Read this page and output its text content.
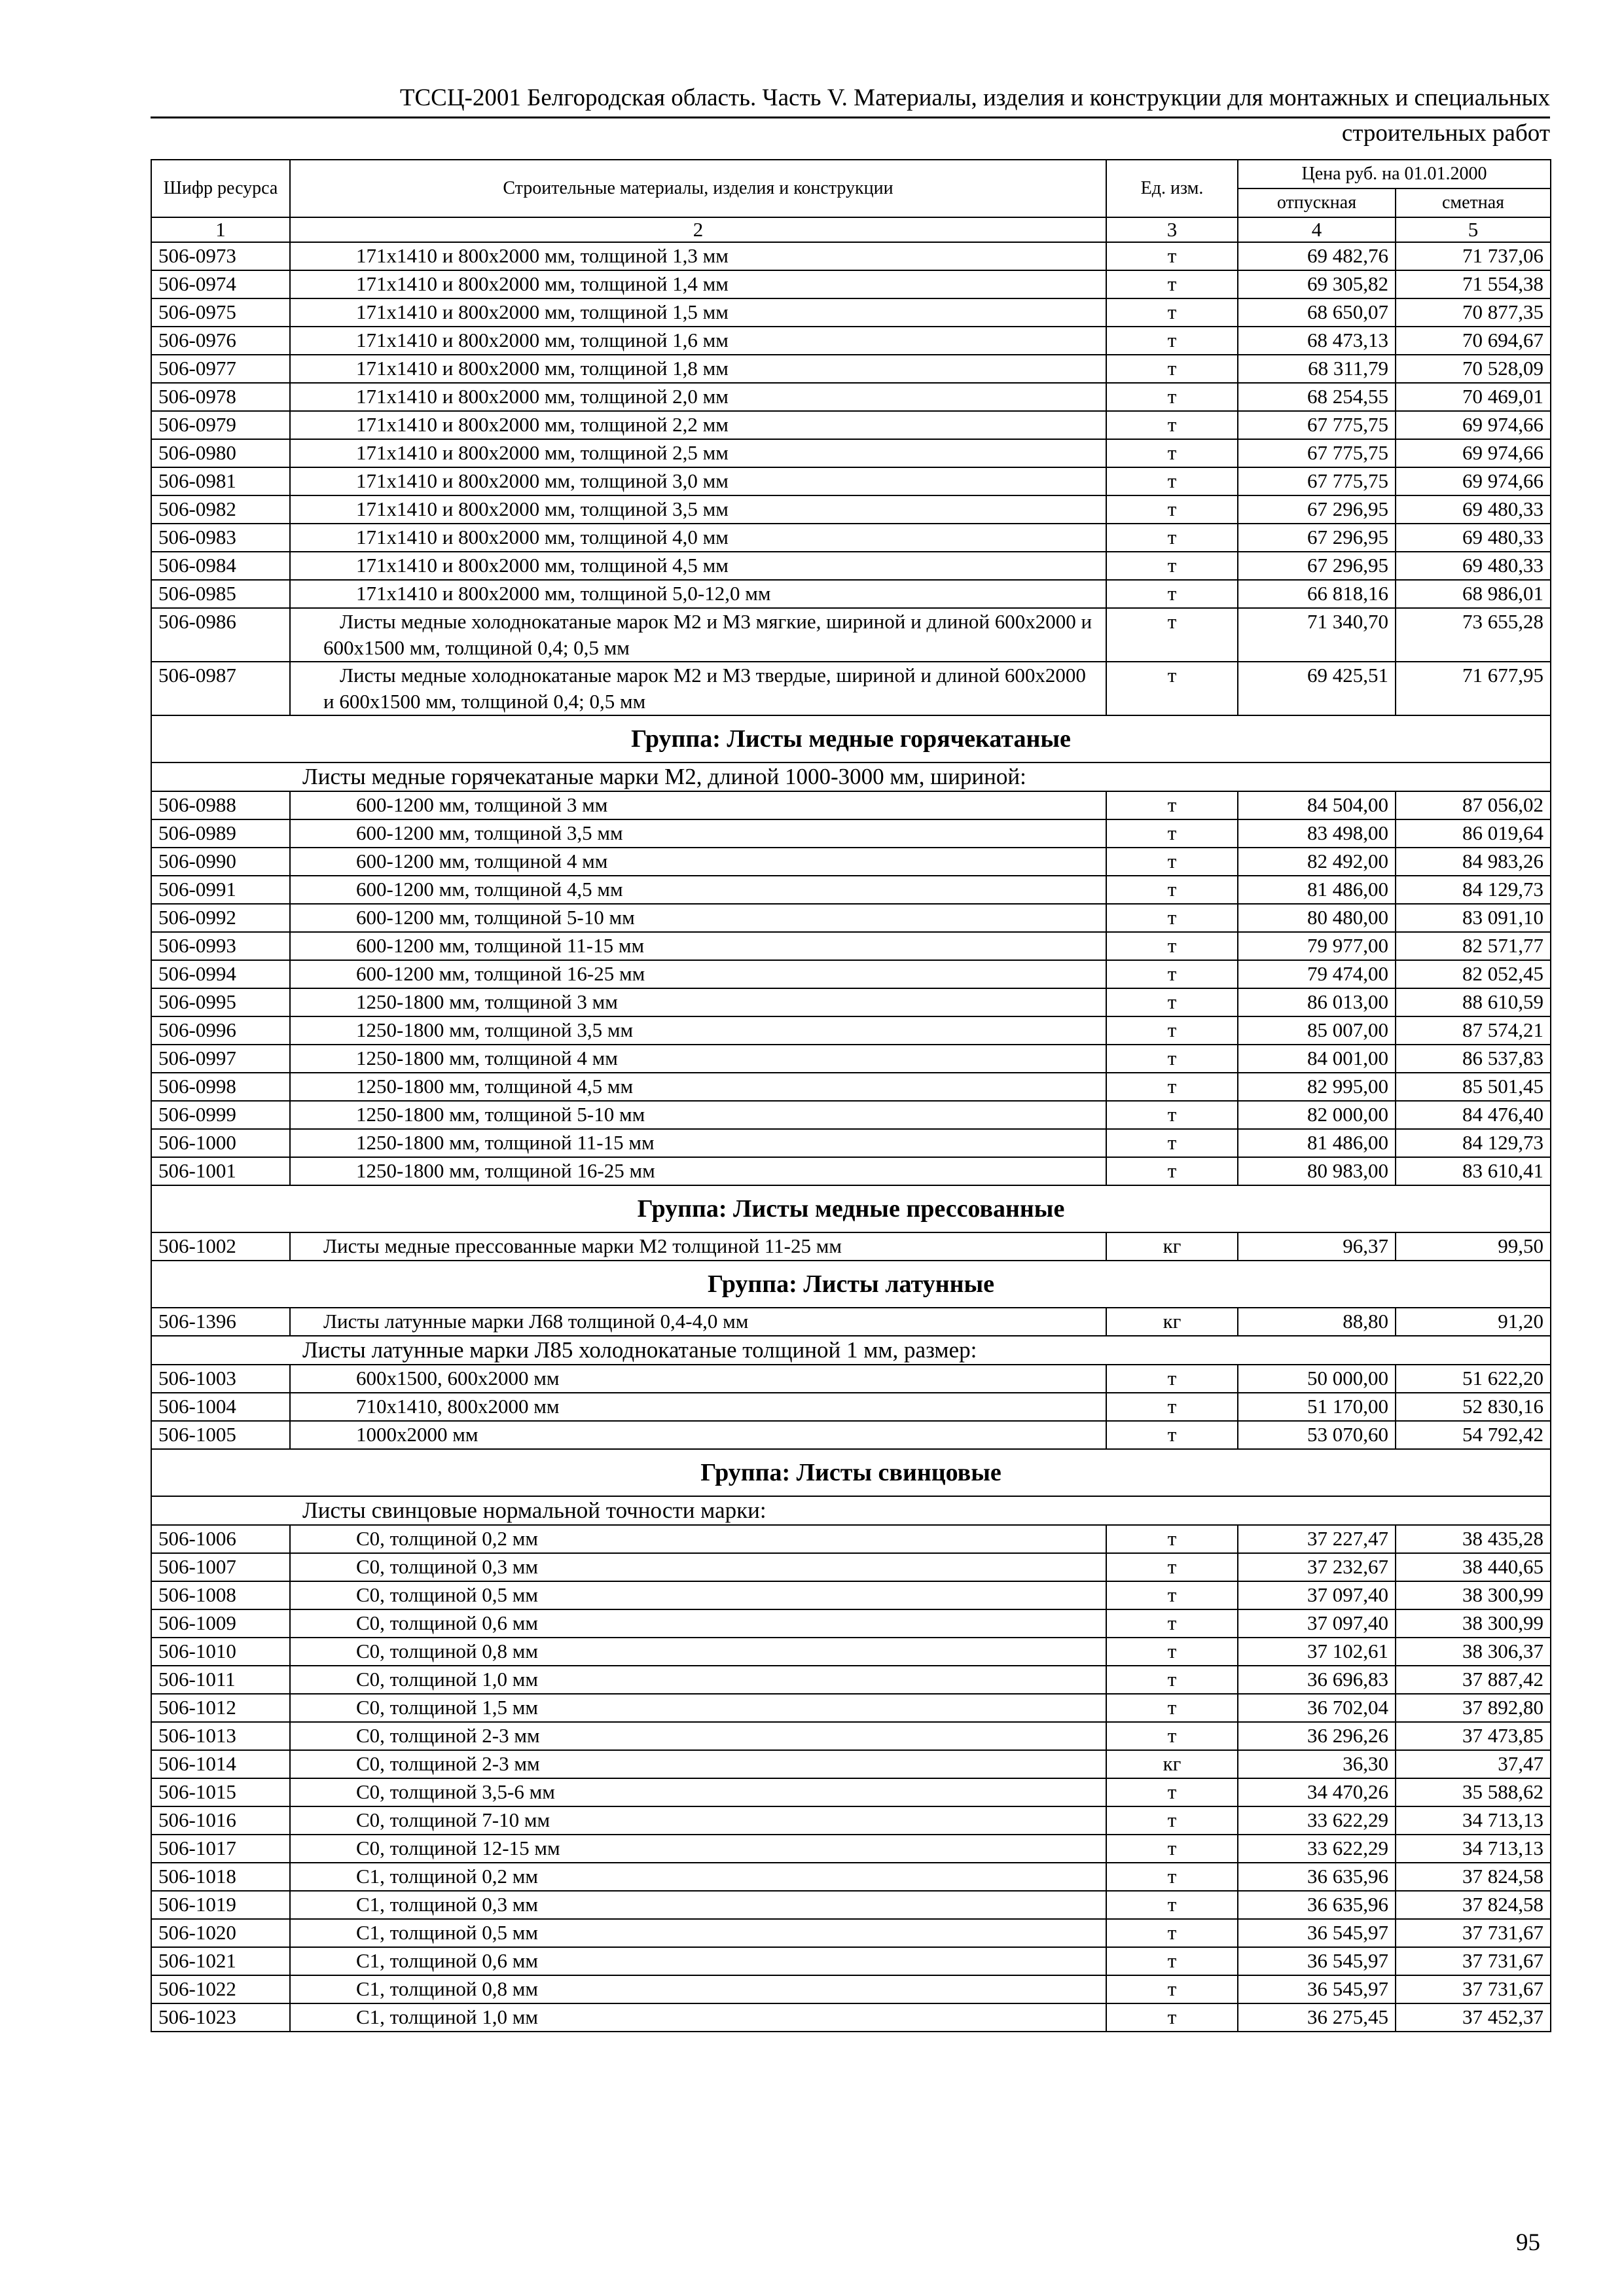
ТССЦ-2001 Белгородская область. Часть V. Материалы, изделия и конструкции для монтажных и специальных
строительных работ
Шифр ресурса	Строительные материалы, изделия и конструкции	Ед. изм.	Цена руб. на 01.01.2000	
			отпускная	сметная
1	2	3	4	5
506-0973	171x1410 и 800x2000 мм, толщиной 1,3 мм	т	69 482,76	71 737,06
506-0974	171x1410 и 800x2000 мм, толщиной 1,4 мм	т	69 305,82	71 554,38
506-0975	171x1410 и 800x2000 мм, толщиной 1,5 мм	т	68 650,07	70 877,35
506-0976	171x1410 и 800x2000 мм, толщиной 1,6 мм	т	68 473,13	70 694,67
506-0977	171x1410 и 800x2000 мм, толщиной 1,8 мм	т	68 311,79	70 528,09
506-0978	171x1410 и 800x2000 мм, толщиной 2,0 мм	т	68 254,55	70 469,01
506-0979	171x1410 и 800x2000 мм, толщиной 2,2 мм	т	67 775,75	69 974,66
506-0980	171x1410 и 800x2000 мм, толщиной 2,5 мм	т	67 775,75	69 974,66
506-0981	171x1410 и 800x2000 мм, толщиной 3,0 мм	т	67 775,75	69 974,66
506-0982	171x1410 и 800x2000 мм, толщиной 3,5 мм	т	67 296,95	69 480,33
506-0983	171x1410 и 800x2000 мм, толщиной 4,0 мм	т	67 296,95	69 480,33
506-0984	171x1410 и 800x2000 мм, толщиной 4,5 мм	т	67 296,95	69 480,33
506-0985	171x1410 и 800x2000 мм, толщиной 5,0-12,0 мм	т	66 818,16	68 986,01
506-0986	Листы медные холоднокатаные марок М2 и М3 мягкие, шириной и длиной 600x2000 и 600x1500 мм, толщиной 0,4; 0,5 мм	т	71 340,70	73 655,28
506-0987	Листы медные холоднокатаные марок М2 и М3 твердые, шириной и длиной 600x2000 и 600x1500 мм, толщиной 0,4; 0,5 мм	т	69 425,51	71 677,95
Группа: Листы медные горячекатаные				
Листы медные горячекатаные марки М2, длиной 1000-3000 мм, шириной:				
506-0988	600-1200 мм, толщиной 3 мм	т	84 504,00	87 056,02
506-0989	600-1200 мм, толщиной 3,5 мм	т	83 498,00	86 019,64
506-0990	600-1200 мм, толщиной 4 мм	т	82 492,00	84 983,26
506-0991	600-1200 мм, толщиной 4,5 мм	т	81 486,00	84 129,73
506-0992	600-1200 мм, толщиной 5-10 мм	т	80 480,00	83 091,10
506-0993	600-1200 мм, толщиной 11-15 мм	т	79 977,00	82 571,77
506-0994	600-1200 мм, толщиной 16-25 мм	т	79 474,00	82 052,45
506-0995	1250-1800 мм, толщиной 3 мм	т	86 013,00	88 610,59
506-0996	1250-1800 мм, толщиной 3,5 мм	т	85 007,00	87 574,21
506-0997	1250-1800 мм, толщиной 4 мм	т	84 001,00	86 537,83
506-0998	1250-1800 мм, толщиной 4,5 мм	т	82 995,00	85 501,45
506-0999	1250-1800 мм, толщиной 5-10 мм	т	82 000,00	84 476,40
506-1000	1250-1800 мм, толщиной 11-15 мм	т	81 486,00	84 129,73
506-1001	1250-1800 мм, толщиной 16-25 мм	т	80 983,00	83 610,41
Группа: Листы медные прессованные				
506-1002	Листы медные прессованные марки М2 толщиной 11-25 мм	кг	96,37	99,50
Группа: Листы латунные				
506-1396	Листы латунные марки Л68 толщиной 0,4-4,0 мм	кг	88,80	91,20
Листы латунные марки Л85 холоднокатаные толщиной 1 мм, размер:				
506-1003	600x1500, 600x2000 мм	т	50 000,00	51 622,20
506-1004	710x1410, 800x2000 мм	т	51 170,00	52 830,16
506-1005	1000x2000 мм	т	53 070,60	54 792,42
Группа: Листы свинцовые				
Листы свинцовые нормальной точности марки:				
506-1006	С0, толщиной 0,2 мм	т	37 227,47	38 435,28
506-1007	С0, толщиной 0,3 мм	т	37 232,67	38 440,65
506-1008	С0, толщиной 0,5 мм	т	37 097,40	38 300,99
506-1009	С0, толщиной 0,6 мм	т	37 097,40	38 300,99
506-1010	С0, толщиной 0,8 мм	т	37 102,61	38 306,37
506-1011	С0, толщиной 1,0 мм	т	36 696,83	37 887,42
506-1012	С0, толщиной 1,5 мм	т	36 702,04	37 892,80
506-1013	С0, толщиной 2-3 мм	т	36 296,26	37 473,85
506-1014	С0, толщиной 2-3 мм	кг	36,30	37,47
506-1015	С0, толщиной 3,5-6 мм	т	34 470,26	35 588,62
506-1016	С0, толщиной 7-10 мм	т	33 622,29	34 713,13
506-1017	С0, толщиной 12-15 мм	т	33 622,29	34 713,13
506-1018	С1, толщиной 0,2 мм	т	36 635,96	37 824,58
506-1019	С1, толщиной 0,3 мм	т	36 635,96	37 824,58
506-1020	С1, толщиной 0,5 мм	т	36 545,97	37 731,67
506-1021	С1, толщиной 0,6 мм	т	36 545,97	37 731,67
506-1022	С1, толщиной 0,8 мм	т	36 545,97	37 731,67
506-1023	С1, толщиной 1,0 мм	т	36 275,45	37 452,37
95
